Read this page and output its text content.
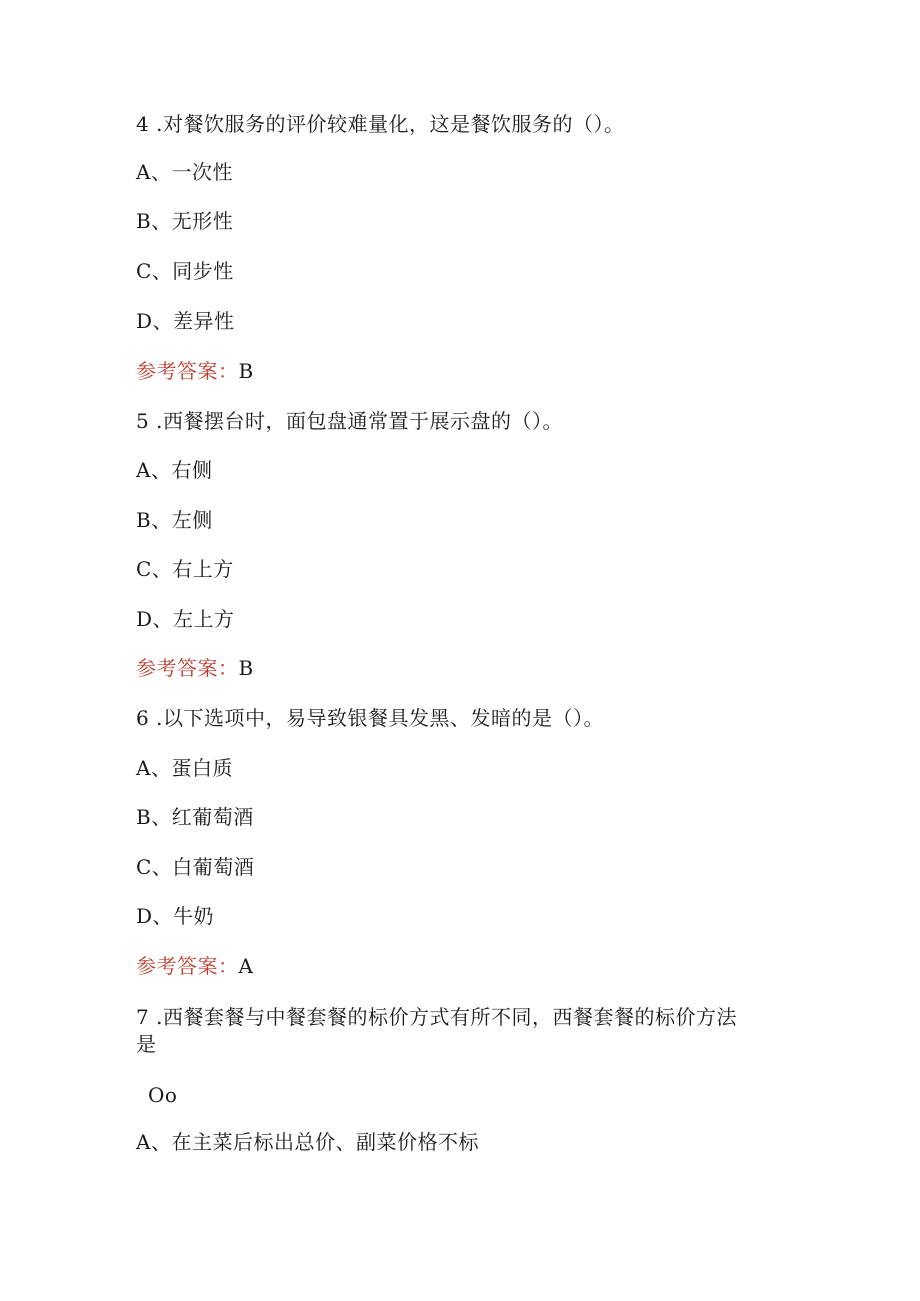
4 .对餐饮服务的评价较难量化，这是餐饮服务的（）。
A、一次性
B、无形性
C、同步性
D、差异性
参考答案：B
5 .西餐摆台时，面包盘通常置于展示盘的（）。
A、右侧
B、左侧
C、右上方
D、左上方
参考答案：B
6 .以下选项中，易导致银餐具发黑、发暗的是（）。
A、蛋白质
B、红葡萄酒
C、白葡萄酒
D、牛奶
参考答案：A
7 .西餐套餐与中餐套餐的标价方式有所不同，西餐套餐的标价方法
是
Oo
A、在主菜后标出总价、副菜价格不标
